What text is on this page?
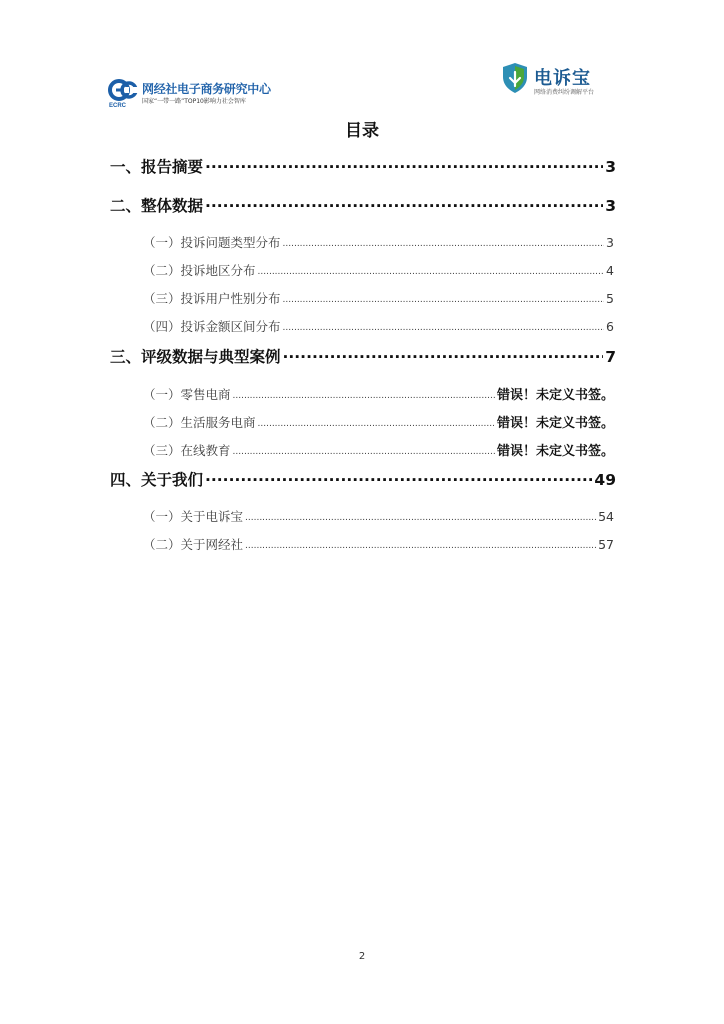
ECRC
网经社电子商务研究中心
国家“一带一路”TOP10影响力社会智库
电诉宝
网络消费纠纷调解平台
目录
一、报告摘要 .....	3
二、整体数据 .....	3
（一）投诉问题类型分布 .....	3
（二）投诉地区分布 .....	4
（三）投诉用户性别分布 .....	5
（四）投诉金额区间分布 .....	6
三、评级数据与典型案例 .....	7
（一）零售电商 .....	错误！未定义书签。
（二）生活服务电商 .....	错误！未定义书签。
（三）在线教育 .....	错误！未定义书签。
四、关于我们 .....	49
（一）关于电诉宝 .....	54
（二）关于网经社 .....	57
2
